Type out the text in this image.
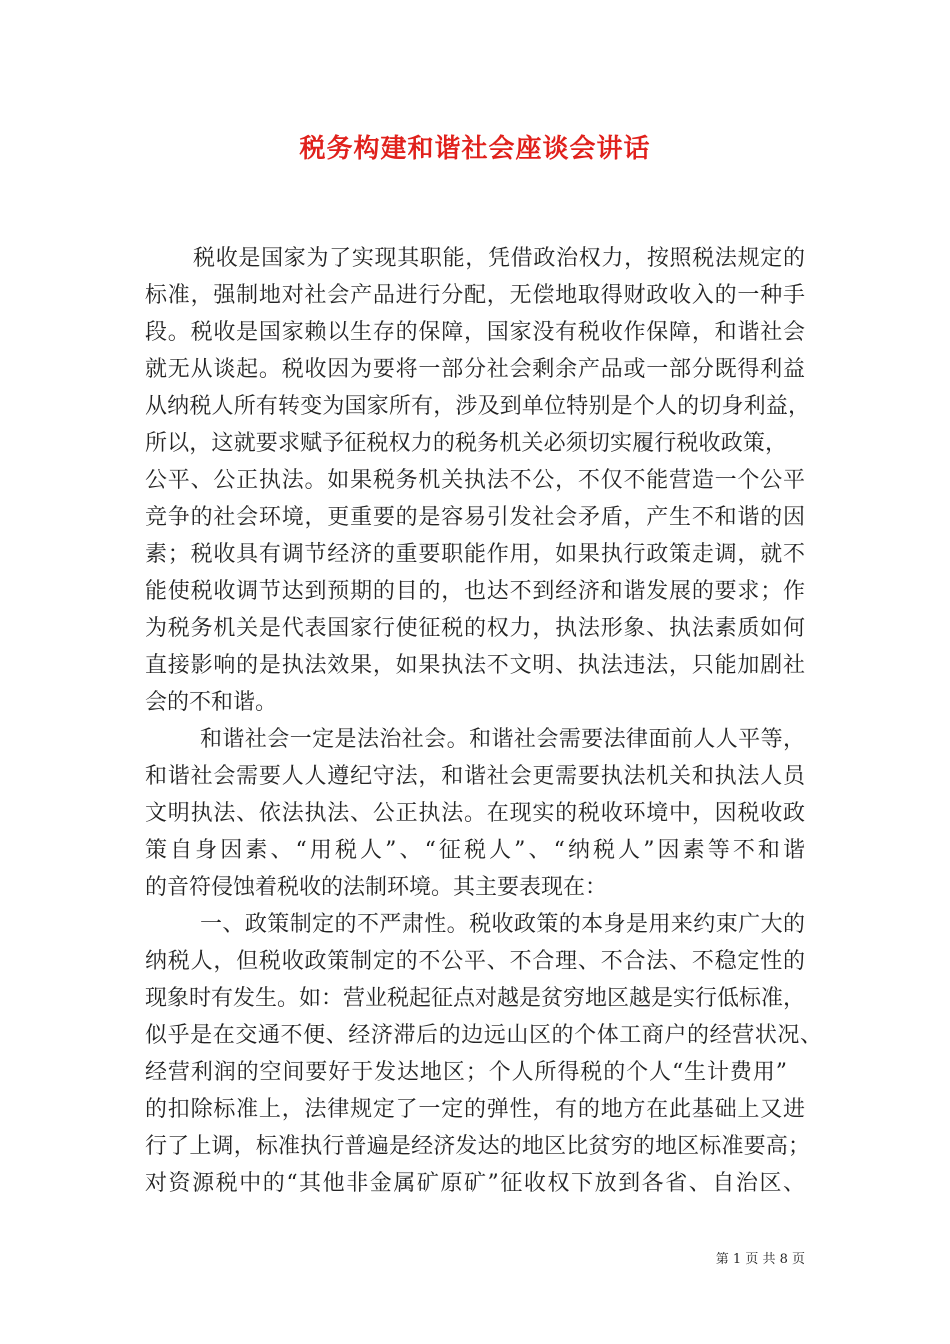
税务构建和谐社会座谈会讲话
税收是国家为了实现其职能，凭借政治权力，按照税法规定的
标准，强制地对社会产品进行分配，无偿地取得财政收入的一种手
段。税收是国家赖以生存的保障，国家没有税收作保障，和谐社会
就无从谈起。税收因为要将一部分社会剩余产品或一部分既得利益
从纳税人所有转变为国家所有，涉及到单位特别是个人的切身利益，
所以，这就要求赋予征税权力的税务机关必须切实履行税收政策，
公平、公正执法。如果税务机关执法不公，不仅不能营造一个公平
竞争的社会环境，更重要的是容易引发社会矛盾，产生不和谐的因
素；税收具有调节经济的重要职能作用，如果执行政策走调，就不
能使税收调节达到预期的目的，也达不到经济和谐发展的要求；作
为税务机关是代表国家行使征税的权力，执法形象、执法素质如何
直接影响的是执法效果，如果执法不文明、执法违法，只能加剧社
会的不和谐。
和谐社会一定是法治社会。和谐社会需要法律面前人人平等，
和谐社会需要人人遵纪守法，和谐社会更需要执法机关和执法人员
文明执法、依法执法、公正执法。在现实的税收环境中，因税收政
策自身因素、“用税人”、“征税人”、“纳税人”因素等不和谐
的音符侵蚀着税收的法制环境。其主要表现在：
一、政策制定的不严肃性。税收政策的本身是用来约束广大的
纳税人，但税收政策制定的不公平、不合理、不合法、不稳定性的
现象时有发生。如：营业税起征点对越是贫穷地区越是实行低标准，
似乎是在交通不便、经济滞后的边远山区的个体工商户的经营状况、
经营利润的空间要好于发达地区；个人所得税的个人“生计费用”
的扣除标准上，法律规定了一定的弹性，有的地方在此基础上又进
行了上调，标准执行普遍是经济发达的地区比贫穷的地区标准要高；
对资源税中的“其他非金属矿原矿”征收权下放到各省、自治区、
第 1 页 共 8 页
